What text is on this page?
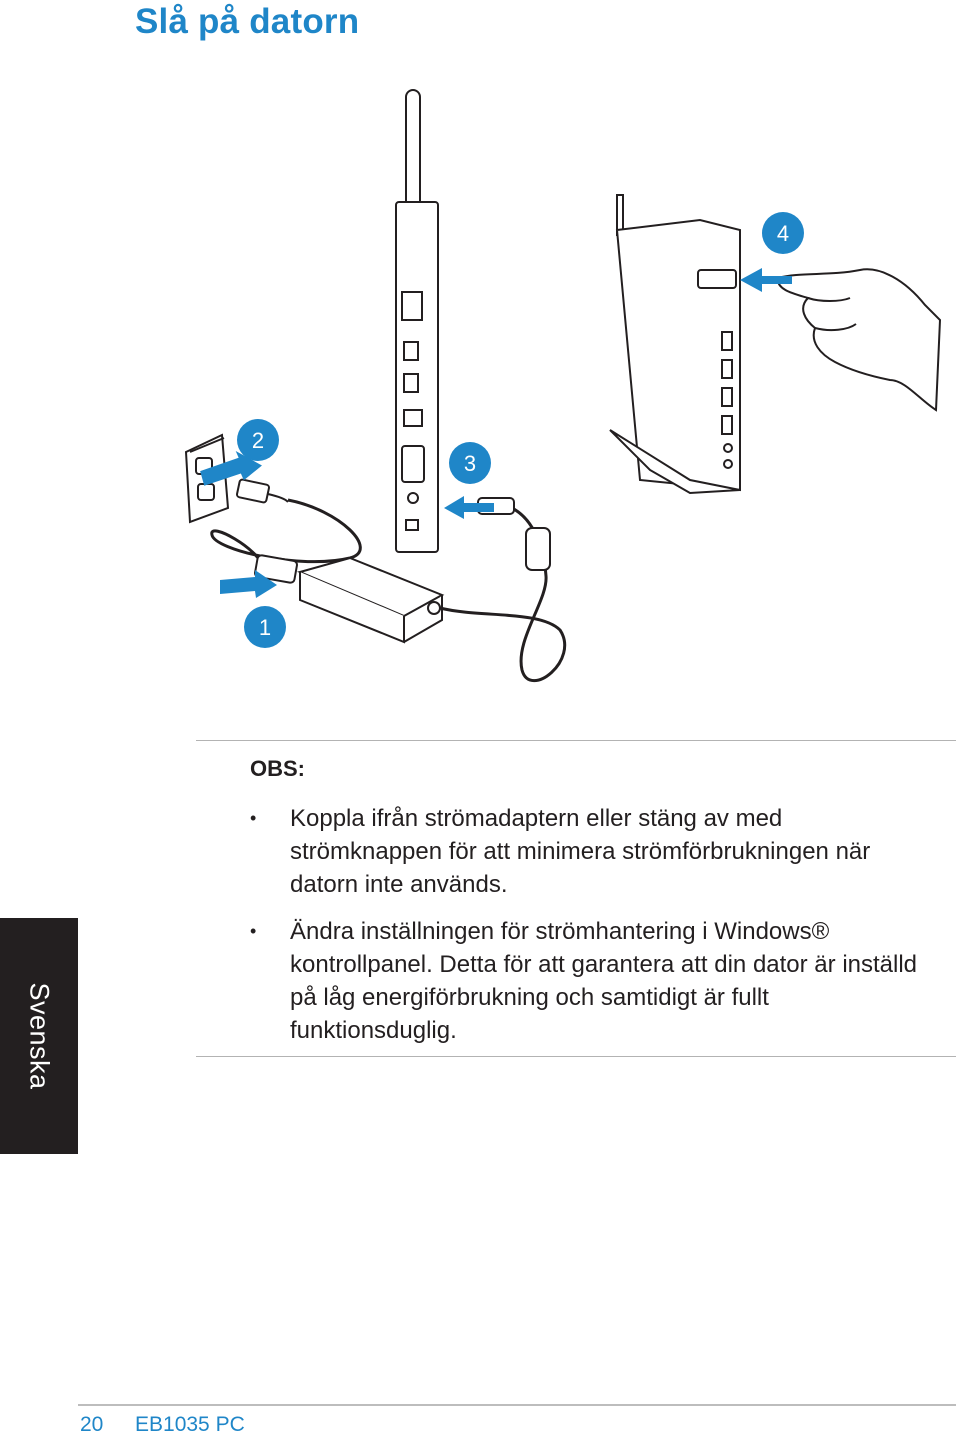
Slå på datorn
1
2
3
4
OBS:
• Koppla ifrån strömadaptern eller stäng av med strömknappen för att minimera strömförbrukningen när datorn inte används.
• Ändra inställningen för strömhantering i Windows® kontrollpanel. Detta för att garantera att din dator är inställd på låg energiförbrukning och samtidigt är fullt funktionsduglig.
Svenska
20 EB1035 PC
